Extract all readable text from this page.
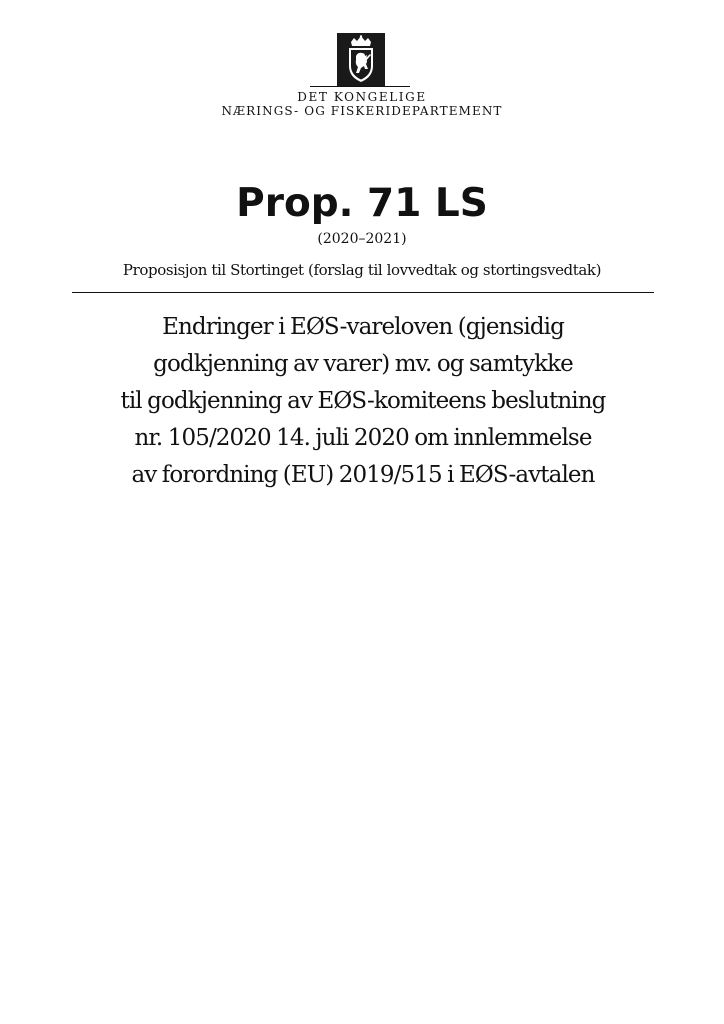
DET KONGELIGE
NÆRINGS- OG FISKERIDEPARTEMENT
Prop. 71 LS
(2020–2021)
Proposisjon til Stortinget (forslag til lovvedtak og stortingsvedtak)
Endringer i EØS-vareloven (gjensidig
godkjenning av varer) mv. og samtykke
til godkjenning av EØS-komiteens beslutning
nr. 105/2020 14. juli 2020 om innlemmelse
av forordning (EU) 2019/515 i EØS-avtalen
